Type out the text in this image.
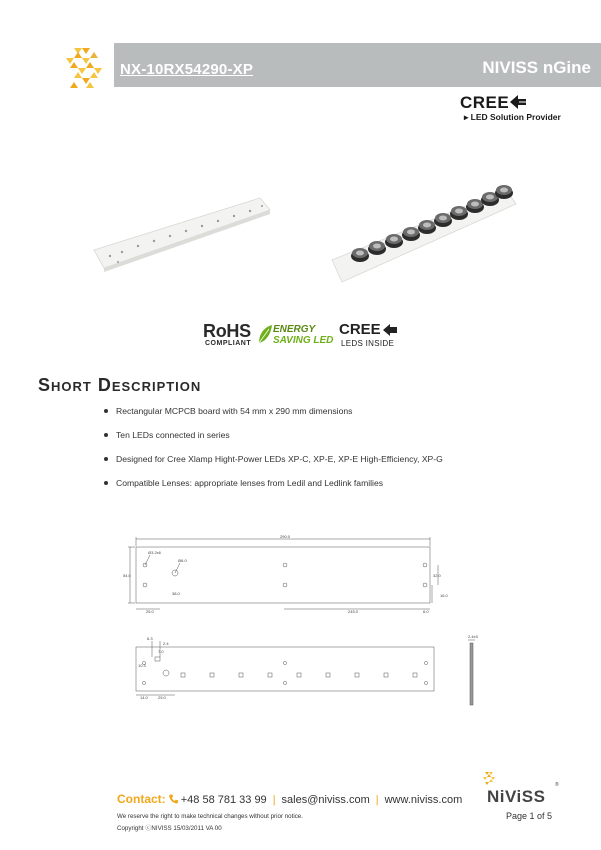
NX-10RX54290-XP	NIVISS nGine
CREE
▸ LED Solution Provider
RoHS
COMPLIANT
ENERGY
SAVING LED
CREE
LEDS INSIDE
Short Description
Rectangular MCPCB board with 54 mm x 290 mm dimensions
Ten LEDs connected in series
Designed for Cree Xlamp Hight-Power LEDs XP-C, XP-E, XP-E High-Efficiency, XP-G
Compatible Lenses: appropriate lenses from Ledil and Ledlink families
290.0
54.0
Ø3.2x6
Ø6.0
38.0
32.0
16.0
25.0	245.0	6.0
6.3
2.4
10.3
7.0
14.0	29.0
2.4±0
Contact: +48 58 781 33 99 | sales@niviss.com | www.niviss.com
We reserve the right to make technical changes without prior notice.
Copyright ⓒNIVISS 15/03/2011 VA 00
Page 1 of 5
NiViSS
®
